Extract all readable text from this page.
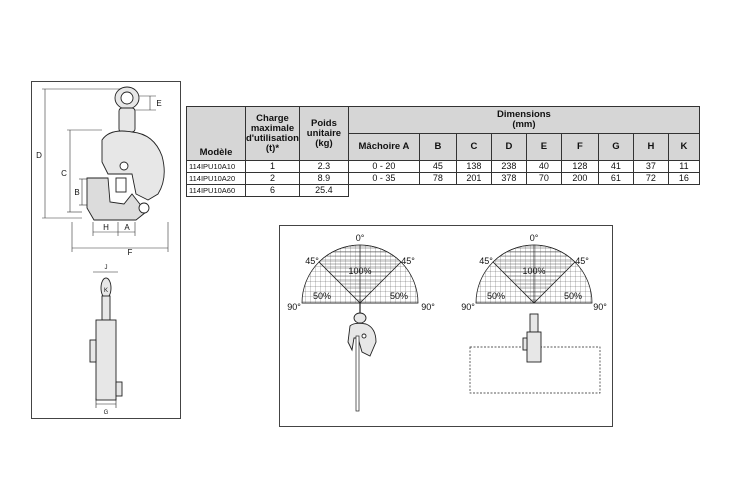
D
C
B
E
H A
F
J
K
G
Modèle	Charge
maximale
d'utilisation
(t)*	Poids
unitaire
(kg)	Dimensions
(mm)								
			Mâchoire A	B	C	D	E	F	G	H	K
114IPU10A10	1	2.3	0 - 20	45	138	238	40	128	41	37	11
114IPU10A20	2	8.9	0 - 35	78	201	378	70	200	61	72	16
114IPU10A60	6	25.4									
0°
45°	45°
100%
50%	50%
90°	90°
0°
45°	45°
100%
50%	50%
90°	90°
